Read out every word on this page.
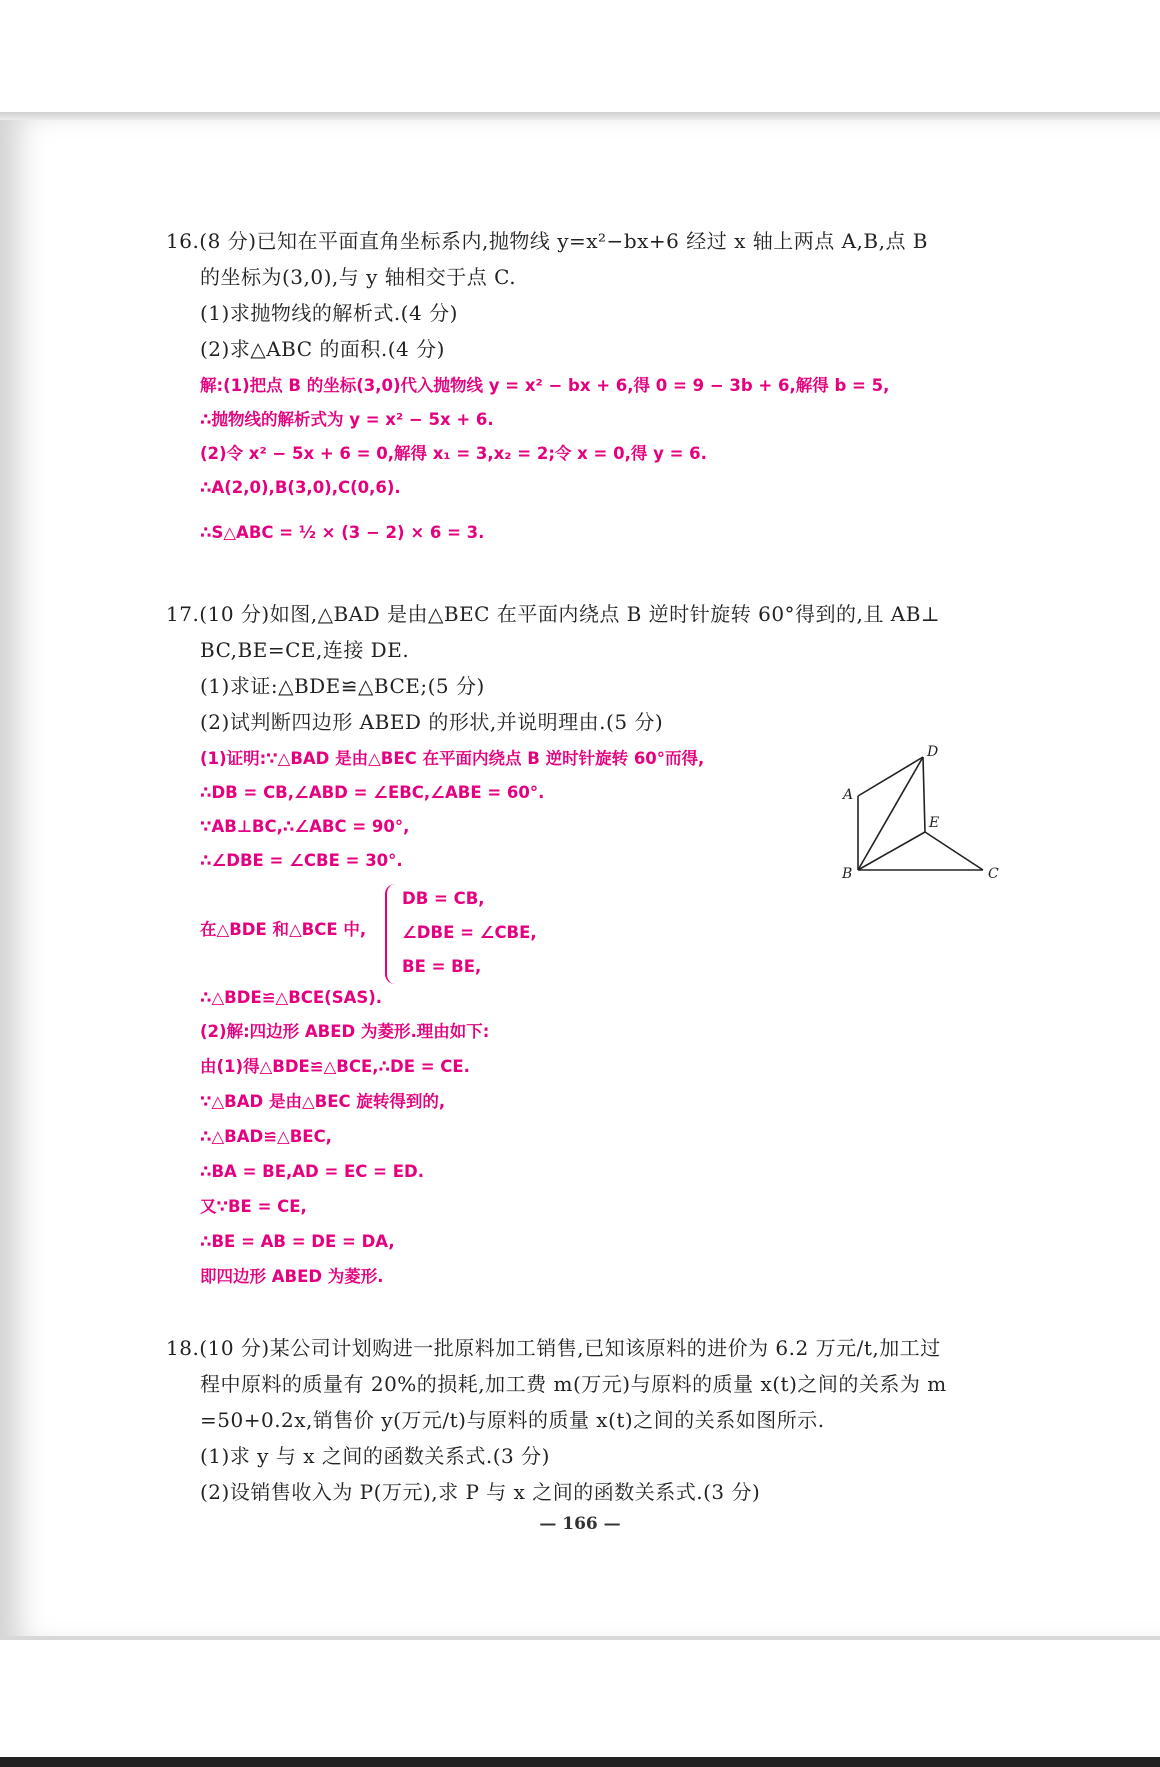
16.(8 分)已知在平面直角坐标系内,抛物线 y=x²−bx+6 经过 x 轴上两点 A,B,点 B
的坐标为(3,0),与 y 轴相交于点 C.
(1)求抛物线的解析式.(4 分)
(2)求△ABC 的面积.(4 分)
解:(1)把点 B 的坐标(3,0)代入抛物线 y = x² − bx + 6,得 0 = 9 − 3b + 6,解得 b = 5,
∴抛物线的解析式为 y = x² − 5x + 6.
(2)令 x² − 5x + 6 = 0,解得 x₁ = 3,x₂ = 2;令 x = 0,得 y = 6.
∴A(2,0),B(3,0),C(0,6).
∴S△ABC = ½ × (3 − 2) × 6 = 3.
17.(10 分)如图,△BAD 是由△BEC 在平面内绕点 B 逆时针旋转 60°得到的,且 AB⊥
BC,BE=CE,连接 DE.
(1)求证:△BDE≌△BCE;(5 分)
(2)试判断四边形 ABED 的形状,并说明理由.(5 分)
(1)证明:∵△BAD 是由△BEC 在平面内绕点 B 逆时针旋转 60°而得,
∴DB = CB,∠ABD = ∠EBC,∠ABE = 60°.
∵AB⊥BC,∴∠ABC = 90°,
∴∠DBE = ∠CBE = 30°.
在△BDE 和△BCE 中,
DB = CB,
∠DBE = ∠CBE,
BE = BE,
∴△BDE≌△BCE(SAS).
(2)解:四边形 ABED 为菱形.理由如下:
由(1)得△BDE≌△BCE,∴DE = CE.
∵△BAD 是由△BEC 旋转得到的,
∴△BAD≌△BEC,
∴BA = BE,AD = EC = ED.
又∵BE = CE,
∴BE = AB = DE = DA,
即四边形 ABED 为菱形.
A
B	C
D
E
18.(10 分)某公司计划购进一批原料加工销售,已知该原料的进价为 6.2 万元/t,加工过
程中原料的质量有 20%的损耗,加工费 m(万元)与原料的质量 x(t)之间的关系为 m
=50+0.2x,销售价 y(万元/t)与原料的质量 x(t)之间的关系如图所示.
(1)求 y 与 x 之间的函数关系式.(3 分)
(2)设销售收入为 P(万元),求 P 与 x 之间的函数关系式.(3 分)
— 166 —
